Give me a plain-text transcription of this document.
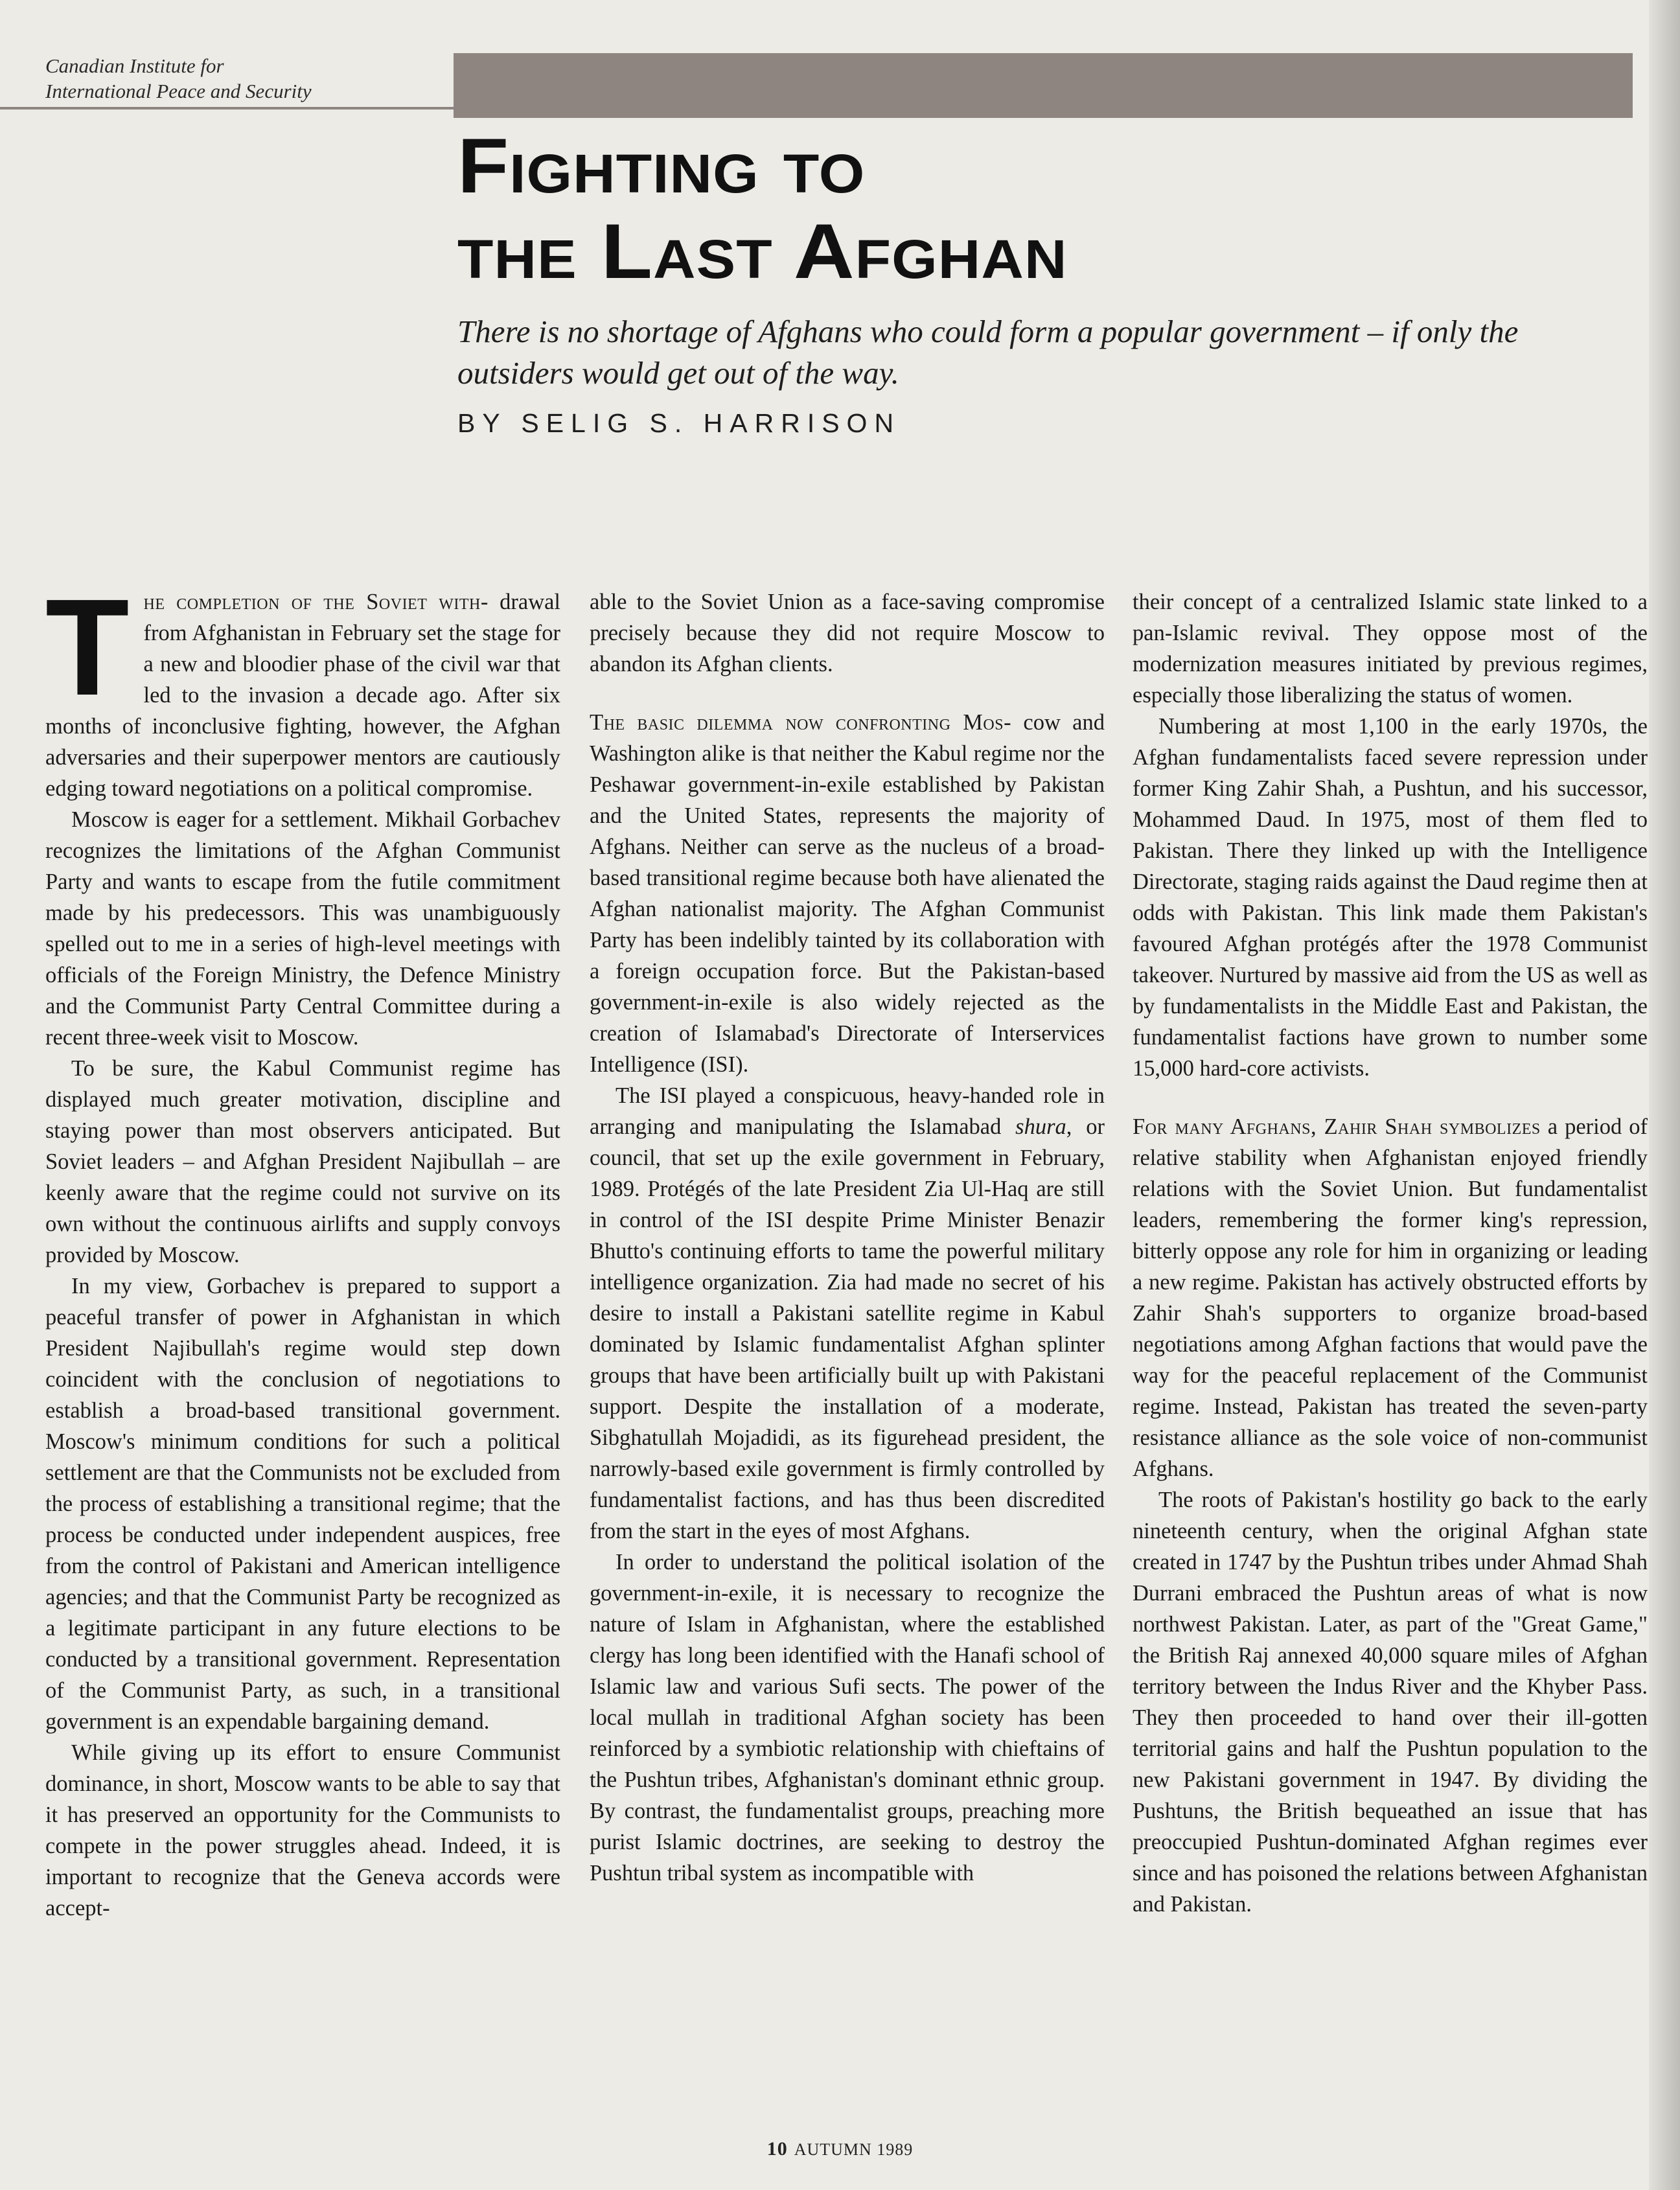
Canadian Institute for
International Peace and Security
Fighting to
the Last Afghan
There is no shortage of Afghans who could form a popular government – if only the outsiders would get out of the way.
BY SELIG S. HARRISON

The completion of the Soviet with- drawal from Afghanistan in February set the stage for a new and bloodier phase of the civil war that led to the invasion a decade ago. After six months of inconclusive fighting, however, the Afghan adversaries and their superpower mentors are cautiously edging toward negotiations on a political compromise.

Moscow is eager for a settlement. Mikhail Gorbachev recognizes the limitations of the Afghan Communist Party and wants to escape from the futile commitment made by his predecessors. This was unambiguously spelled out to me in a series of high-level meetings with officials of the Foreign Ministry, the Defence Ministry and the Communist Party Central Committee during a recent three-week visit to Moscow.

To be sure, the Kabul Communist regime has displayed much greater motivation, discipline and staying power than most observers anticipated. But Soviet leaders – and Afghan President Najibullah – are keenly aware that the regime could not survive on its own without the continuous airlifts and supply convoys provided by Moscow.

In my view, Gorbachev is prepared to support a peaceful transfer of power in Afghanistan in which President Najibullah's regime would step down coincident with the conclusion of negotiations to establish a broad-based transitional government. Moscow's minimum conditions for such a political settlement are that the Communists not be excluded from the process of establishing a transitional regime; that the process be conducted under independent auspices, free from the control of Pakistani and American intelligence agencies; and that the Communist Party be recognized as a legitimate participant in any future elections to be conducted by a transitional government. Representation of the Communist Party, as such, in a transitional government is an expendable bargaining demand.

While giving up its effort to ensure Communist dominance, in short, Moscow wants to be able to say that it has preserved an opportunity for the Communists to compete in the power struggles ahead. Indeed, it is important to recognize that the Geneva accords were accept-

able to the Soviet Union as a face-saving compromise precisely because they did not require Moscow to abandon its Afghan clients.

The basic dilemma now confronting Mos- cow and Washington alike is that neither the Kabul regime nor the Peshawar government-in-exile established by Pakistan and the United States, represents the majority of Afghans. Neither can serve as the nucleus of a broad-based transitional regime because both have alienated the Afghan nationalist majority. The Afghan Communist Party has been indelibly tainted by its collaboration with a foreign occupation force. But the Pakistan-based government-in-exile is also widely rejected as the creation of Islamabad's Directorate of Interservices Intelligence (ISI).

The ISI played a conspicuous, heavy-handed role in arranging and manipulating the Islamabad shura, or council, that set up the exile government in February, 1989. Protégés of the late President Zia Ul-Haq are still in control of the ISI despite Prime Minister Benazir Bhutto's continuing efforts to tame the powerful military intelligence organization. Zia had made no secret of his desire to install a Pakistani satellite regime in Kabul dominated by Islamic fundamentalist Afghan splinter groups that have been artificially built up with Pakistani support. Despite the installation of a moderate, Sibghatullah Mojadidi, as its figurehead president, the narrowly-based exile government is firmly controlled by fundamentalist factions, and has thus been discredited from the start in the eyes of most Afghans.

In order to understand the political isolation of the government-in-exile, it is necessary to recognize the nature of Islam in Afghanistan, where the established clergy has long been identified with the Hanafi school of Islamic law and various Sufi sects. The power of the local mullah in traditional Afghan society has been reinforced by a symbiotic relationship with chieftains of the Pushtun tribes, Afghanistan's dominant ethnic group. By contrast, the fundamentalist groups, preaching more purist Islamic doctrines, are seeking to destroy the Pushtun tribal system as incompatible with

their concept of a centralized Islamic state linked to a pan-Islamic revival. They oppose most of the modernization measures initiated by previous regimes, especially those liberalizing the status of women.

Numbering at most 1,100 in the early 1970s, the Afghan fundamentalists faced severe repression under former King Zahir Shah, a Pushtun, and his successor, Mohammed Daud. In 1975, most of them fled to Pakistan. There they linked up with the Intelligence Directorate, staging raids against the Daud regime then at odds with Pakistan. This link made them Pakistan's favoured Afghan protégés after the 1978 Communist takeover. Nurtured by massive aid from the US as well as by fundamentalists in the Middle East and Pakistan, the fundamentalist factions have grown to number some 15,000 hard-core activists.

For many Afghans, Zahir Shah symbolizes a period of relative stability when Afghanistan enjoyed friendly relations with the Soviet Union. But fundamentalist leaders, remembering the former king's repression, bitterly oppose any role for him in organizing or leading a new regime. Pakistan has actively obstructed efforts by Zahir Shah's supporters to organize broad-based negotiations among Afghan factions that would pave the way for the peaceful replacement of the Communist regime. Instead, Pakistan has treated the seven-party resistance alliance as the sole voice of non-communist Afghans.

The roots of Pakistan's hostility go back to the early nineteenth century, when the original Afghan state created in 1747 by the Pushtun tribes under Ahmad Shah Durrani embraced the Pushtun areas of what is now northwest Pakistan. Later, as part of the "Great Game," the British Raj annexed 40,000 square miles of Afghan territory between the Indus River and the Khyber Pass. They then proceeded to hand over their ill-gotten territorial gains and half the Pushtun population to the new Pakistani government in 1947. By dividing the Pushtuns, the British bequeathed an issue that has preoccupied Pushtun-dominated Afghan regimes ever since and has poisoned the relations between Afghanistan and Pakistan.

10 AUTUMN 1989
